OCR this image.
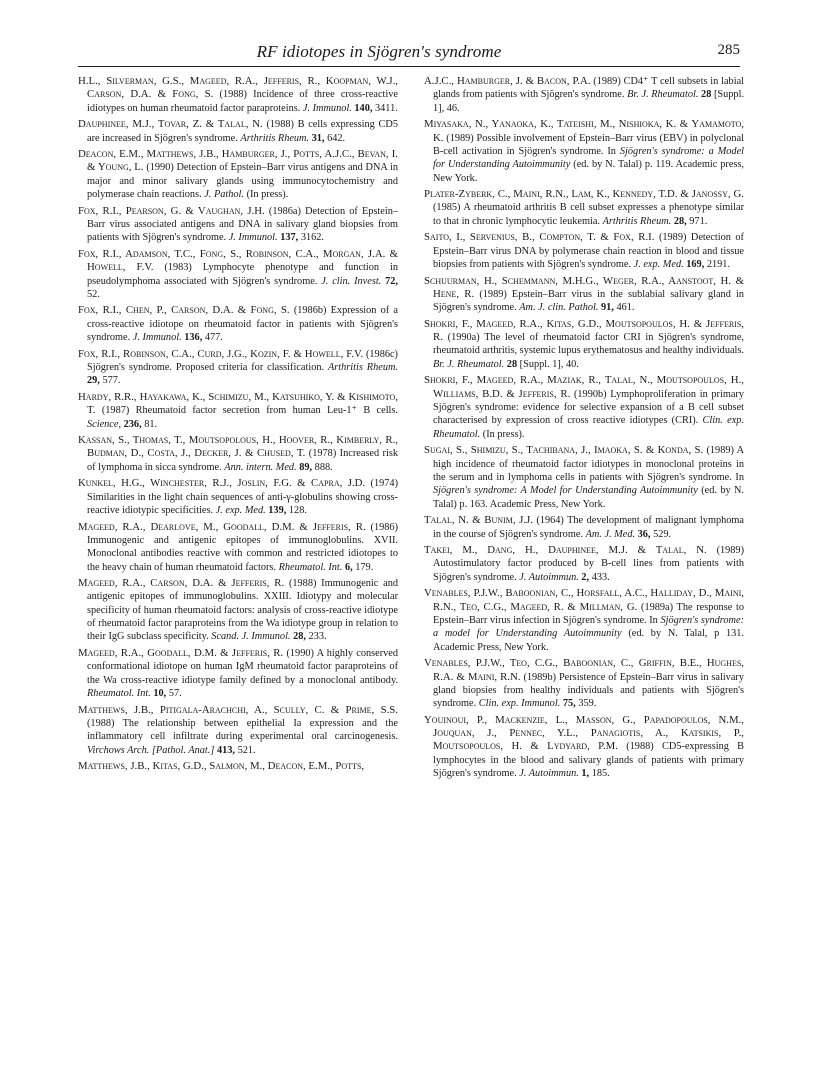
RF idiotopes in Sjögren's syndrome	285

H.L., Silverman, G.S., Mageed, R.A., Jefferis, R., Koopman, W.J., Carson, D.A. & Fong, S. (1988) Incidence of three cross-reactive idiotypes on human rheumatoid factor paraproteins. J. Immunol. 140, 3411.

Dauphinee, M.J., Tovar, Z. & Talal, N. (1988) B cells expressing CD5 are increased in Sjögren's syndrome. Arthritis Rheum. 31, 642.

Deacon, E.M., Matthews, J.B., Hamburger, J., Potts, A.J.C., Bevan, I. & Young, L. (1990) Detection of Epstein–Barr virus antigens and DNA in major and minor salivary glands using immunocytochemistry and polymerase chain reactions. J. Pathol. (In press).

Fox, R.I., Pearson, G. & Vaughan, J.H. (1986a) Detection of Epstein–Barr virus associated antigens and DNA in salivary gland biopsies from patients with Sjögren's syndrome. J. Immunol. 137, 3162.

Fox, R.I., Adamson, T.C., Fong, S., Robinson, C.A., Morgan, J.A. & Howell, F.V. (1983) Lymphocyte phenotype and function in pseudolymphoma associated with Sjögren's syndrome. J. clin. Invest. 72, 52.

Fox, R.I., Chen, P., Carson, D.A. & Fong, S. (1986b) Expression of a cross-reactive idiotope on rheumatoid factor in patients with Sjögren's syndrome. J. Immunol. 136, 477.

Fox, R.I., Robinson, C.A., Curd, J.G., Kozin, F. & Howell, F.V. (1986c) Sjögren's syndrome. Proposed criteria for classification. Arthritis Rheum. 29, 577.

Hardy, R.R., Hayakawa, K., Schimizu, M., Katsuhiko, Y. & Kishimoto, T. (1987) Rheumatoid factor secretion from human Leu-1⁺ B cells. Science, 236, 81.

Kassan, S., Thomas, T., Moutsopolous, H., Hoover, R., Kimberly, R., Budman, D., Costa, J., Decker, J. & Chused, T. (1978) Increased risk of lymphoma in sicca syndrome. Ann. intern. Med. 89, 888.

Kunkel, H.G., Winchester, R.J., Joslin, F.G. & Capra, J.D. (1974) Similarities in the light chain sequences of anti-γ-globulins showing cross-reactive idiotypic specificities. J. exp. Med. 139, 128.

Mageed, R.A., Dearlove, M., Goodall, D.M. & Jefferis, R. (1986) Immunogenic and antigenic epitopes of immunoglobulins. XVII. Monoclonal antibodies reactive with common and restricted idiotopes to the heavy chain of human rheumatoid factors. Rheumatol. Int. 6, 179.

Mageed, R.A., Carson, D.A. & Jefferis, R. (1988) Immunogenic and antigenic epitopes of immunoglobulins. XXIII. Idiotypy and molecular specificity of human rheumatoid factors: analysis of cross-reactive idiotype of rheumatoid factor paraproteins from the Wa idiotype group in relation to their IgG subclass specificity. Scand. J. Immunol. 28, 233.

Mageed, R.A., Goodall, D.M. & Jefferis, R. (1990) A highly conserved conformational idiotope on human IgM rheumatoid factor paraproteins of the Wa cross-reactive idiotype family defined by a monoclonal antibody. Rheumatol. Int. 10, 57.

Matthews, J.B., Pitigala-Arachchi, A., Scully, C. & Prime, S.S. (1988) The relationship between epithelial Ia expression and the inflammatory cell infiltrate during experimental oral carcinogenesis. Virchows Arch. [Pathol. Anat.] 413, 521.

Matthews, J.B., Kitas, G.D., Salmon, M., Deacon, E.M., Potts,

A.J.C., Hamburger, J. & Bacon, P.A. (1989) CD4⁺ T cell subsets in labial glands from patients with Sjögren's syndrome. Br. J. Rheumatol. 28 [Suppl. 1], 46.

Miyasaka, N., Yanaoka, K., Tateishi, M., Nishioka, K. & Yamamoto, K. (1989) Possible involvement of Epstein–Barr virus (EBV) in polyclonal B-cell activation in Sjögren's syndrome. In Sjögren's syndrome: a Model for Understanding Autoimmunity (ed. by N. Talal) p. 119. Academic press, New York.

Plater-Zyberk, C., Maini, R.N., Lam, K., Kennedy, T.D. & Janossy, G. (1985) A rheumatoid arthritis B cell subset expresses a phenotype similar to that in chronic lymphocytic leukemia. Arthritis Rheum. 28, 971.

Saito, I., Servenius, B., Compton, T. & Fox, R.I. (1989) Detection of Epstein–Barr virus DNA by polymerase chain reaction in blood and tissue biopsies from patients with Sjögren's syndrome. J. exp. Med. 169, 2191.

Schuurman, H., Schemmann, M.H.G., Weger, R.A., Aanstoot, H. & Hene, R. (1989) Epstein–Barr virus in the sublabial salivary gland in Sjögren's syndrome. Am. J. clin. Pathol. 91, 461.

Shokri, F., Mageed, R.A., Kitas, G.D., Moutsopoulos, H. & Jefferis, R. (1990a) The level of rheumatoid factor CRI in Sjögren's syndrome, rheumatoid arthritis, systemic lupus erythematosus and healthy individuals. Br. J. Rheumatol. 28 [Suppl. 1], 40.

Shokri, F., Mageed, R.A., Maziak, R., Talal, N., Moutsopoulos, H., Williams, B.D. & Jefferis, R. (1990b) Lymphoproliferation in primary Sjögren's syndrome: evidence for selective expansion of a B cell subset characterised by expression of cross reactive idiotypes (CRI). Clin. exp. Rheumatol. (In press).

Sugai, S., Shimizu, S., Tachibana, J., Imaoka, S. & Konda, S. (1989) A high incidence of rheumatoid factor idiotypes in monoclonal proteins in the serum and in lymphoma cells in patients with Sjögren's syndrome. In Sjögren's syndrome: A Model for Understanding Autoimmunity (ed. by N. Talal) p. 163. Academic Press, New York.

Talal, N. & Bunim, J.J. (1964) The development of malignant lymphoma in the course of Sjögren's syndrome. Am. J. Med. 36, 529.

Takei, M., Dang, H., Dauphinee, M.J. & Talal, N. (1989) Autostimulatory factor produced by B-cell lines from patients with Sjögren's syndrome. J. Autoimmun. 2, 433.

Venables, P.J.W., Baboonian, C., Horsfall, A.C., Halliday, D., Maini, R.N., Teo, C.G., Mageed, R. & Millman, G. (1989a) The response to Epstein–Barr virus infection in Sjögren's syndrome. In Sjögren's syndrome: a model for Understanding Autoimmunity (ed. by N. Talal, p 131. Academic Press, New York.

Venables, P.J.W., Teo, C.G., Baboonian, C., Griffin, B.E., Hughes, R.A. & Maini, R.N. (1989b) Persistence of Epstein–Barr virus in salivary gland biopsies from healthy individuals and patients with Sjögren's syndrome. Clin. exp. Immunol. 75, 359.

Youinoui, P., Mackenzie, L., Masson, G., Papadopoulos, N.M., Jouquan, J., Pennec, Y.L., Panagiotis, A., Katsikis, P., Moutsopoulos, H. & Lydyard, P.M. (1988) CD5-expressing B lymphocytes in the blood and salivary glands of patients with primary Sjögren's syndrome. J. Autoimmun. 1, 185.
